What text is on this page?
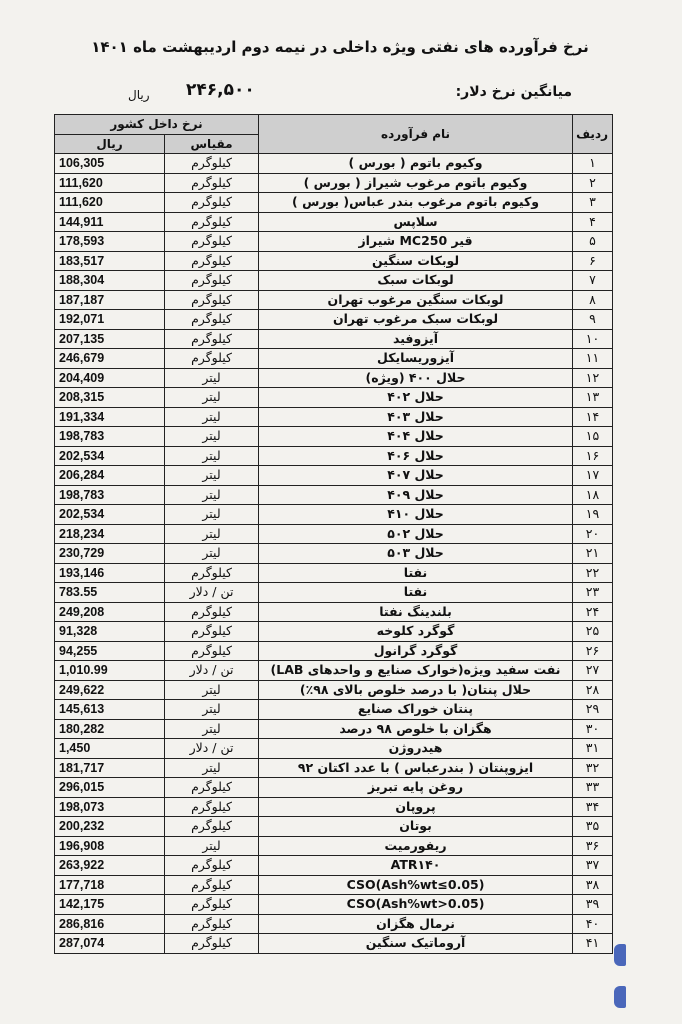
نرخ فرآورده های نفتی ویژه داخلی در نیمه دوم اردیبهشت ماه ۱۴۰۱
میانگین نرخ دلار:
۲۴۶,۵۰۰
ریال
ردیف	نام فرآورده	نرخ داخل کشور	
		مقیاس	ریال
۱	وکیوم باتوم ( بورس )	کیلوگرم	106,305
۲	وکیوم باتوم مرغوب شیراز ( بورس )	کیلوگرم	111,620
۳	وکیوم باتوم مرغوب بندر عباس( بورس )	کیلوگرم	111,620
۴	سلاپس	کیلوگرم	144,911
۵	قیر MC250 شیراز	کیلوگرم	178,593
۶	لوبکات سنگین	کیلوگرم	183,517
۷	لوبکات سبک	کیلوگرم	188,304
۸	لوبکات سنگین مرغوب تهران	کیلوگرم	187,187
۹	لوبکات سبک مرغوب تهران	کیلوگرم	192,071
۱۰	آیزوفید	کیلوگرم	207,135
۱۱	آیزوریسایکل	کیلوگرم	246,679
۱۲	حلال ۴۰۰ (ویژه)	لیتر	204,409
۱۳	حلال ۴۰۲	لیتر	208,315
۱۴	حلال ۴۰۳	لیتر	191,334
۱۵	حلال ۴۰۴	لیتر	198,783
۱۶	حلال ۴۰۶	لیتر	202,534
۱۷	حلال ۴۰۷	لیتر	206,284
۱۸	حلال ۴۰۹	لیتر	198,783
۱۹	حلال ۴۱۰	لیتر	202,534
۲۰	حلال ۵۰۲	لیتر	218,234
۲۱	حلال ۵۰۳	لیتر	230,729
۲۲	نفتا	کیلوگرم	193,146
۲۳	نفتا	تن / دلار	783.55
۲۴	بلندینگ نفتا	کیلوگرم	249,208
۲۵	گوگرد کلوخه	کیلوگرم	91,328
۲۶	گوگرد گرانول	کیلوگرم	94,255
۲۷	نفت سفید ویژه(خوارک صنایع و واحدهای LAB)	تن / دلار	1,010.99
۲۸	حلال پنتان( با درصد خلوص بالای ۹۸٪)	لیتر	249,622
۲۹	پنتان خوراک صنایع	لیتر	145,613
۳۰	هگزان با خلوص ۹۸ درصد	لیتر	180,282
۳۱	هیدروژن	تن / دلار	1,450
۳۲	ایزوپنتان ( بندرعباس ) با عدد اکتان ۹۲	لیتر	181,717
۳۳	روغن پایه تبریز	کیلوگرم	296,015
۳۴	پروپان	کیلوگرم	198,073
۳۵	بوتان	کیلوگرم	200,232
۳۶	ریفورمیت	لیتر	196,908
۳۷	ATR۱۴۰	کیلوگرم	263,922
۳۸	CSO(Ash%wt≤0.05)	کیلوگرم	177,718
۳۹	CSO(Ash%wt>0.05)	کیلوگرم	142,175
۴۰	نرمال هگزان	کیلوگرم	286,816
۴۱	آروماتیک سنگین	کیلوگرم	287,074
